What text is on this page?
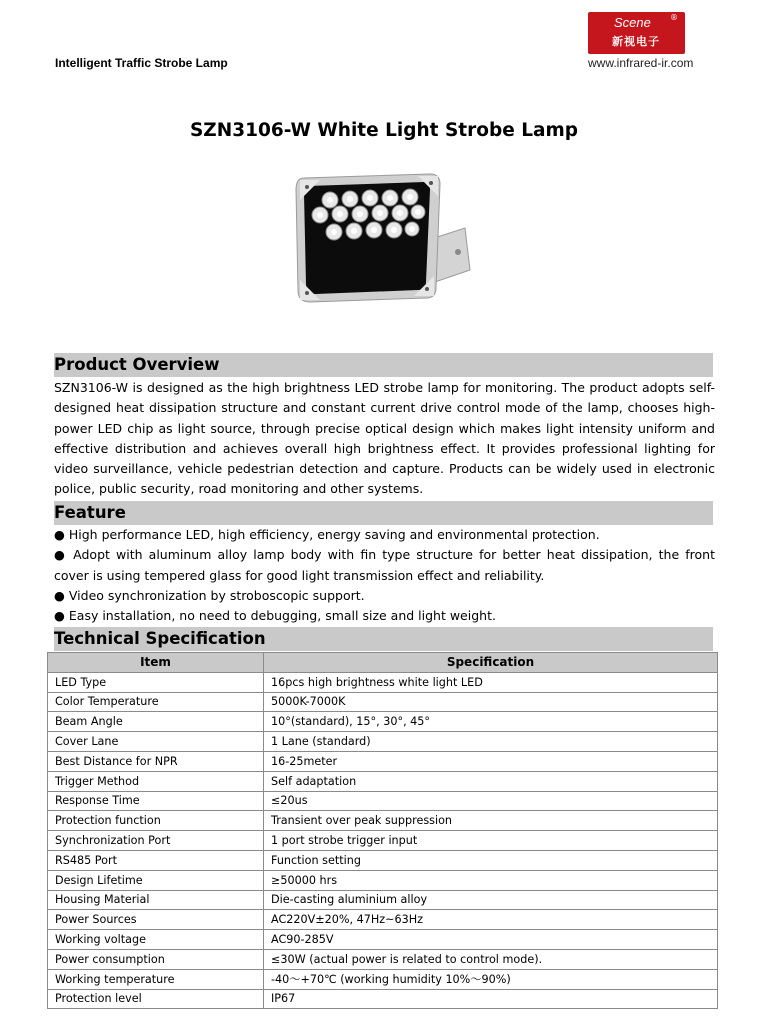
Intelligent Traffic Strobe Lamp
Scene ®
新视电子
www.infrared-ir.com
SZN3106-W White Light Strobe Lamp
Product Overview

SZN3106-W is designed as the high brightness LED strobe lamp for monitoring. The product adopts self-designed heat dissipation structure and constant current drive control mode of the lamp, chooses high-power LED chip as light source, through precise optical design which makes light intensity uniform and effective distribution and achieves overall high brightness effect. It provides professional lighting for video surveillance, vehicle pedestrian detection and capture. Products can be widely used in electronic police, public security, road monitoring and other systems.

Feature

● High performance LED, high efficiency, energy saving and environmental protection.

● Adopt with aluminum alloy lamp body with fin type structure for better heat dissipation, the front cover is using tempered glass for good light transmission effect and reliability.

● Video synchronization by stroboscopic support.

● Easy installation, no need to debugging, small size and light weight.

Technical Specification
Item	Specification
LED Type	16pcs high brightness white light LED
Color Temperature	5000K-7000K
Beam Angle	10°(standard), 15°, 30°, 45°
Cover Lane	1 Lane (standard)
Best Distance for NPR	16-25meter
Trigger Method	Self adaptation
Response Time	≤20us
Protection function	Transient over peak suppression
Synchronization Port	1 port strobe trigger input
RS485 Port	Function setting
Design Lifetime	≥50000 hrs
Housing Material	Die-casting aluminium alloy
Power Sources	AC220V±20%, 47Hz~63Hz
Working voltage	AC90-285V
Power consumption	≤30W (actual power is related to control mode).
Working temperature	-40～+70℃ (working humidity 10%～90%)
Protection level	IP67
